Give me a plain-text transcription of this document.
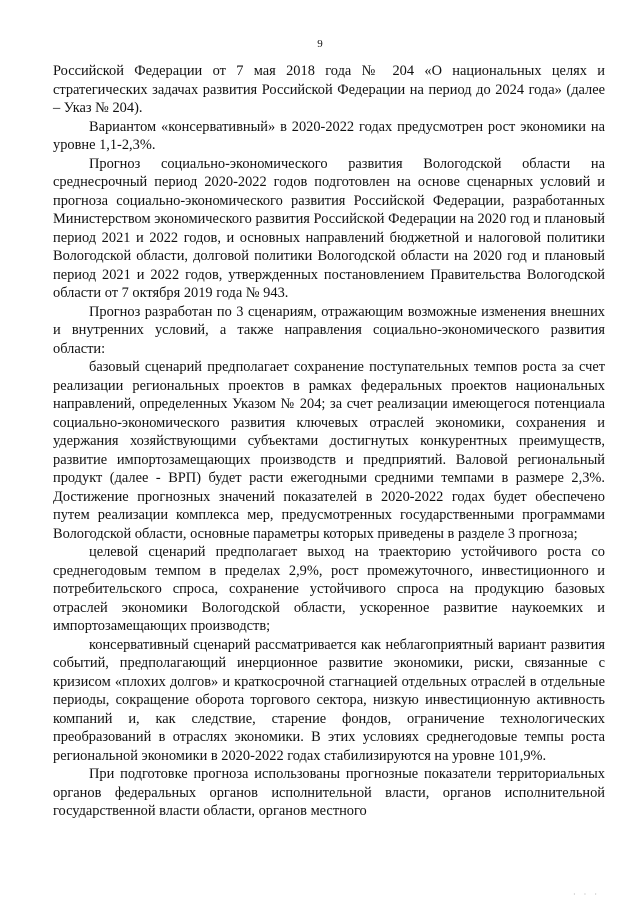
9

Российской Федерации от 7 мая 2018 года № 204 «О национальных целях и стратегических задачах развития Российской Федерации на период до 2024 года» (далее – Указ № 204).

Вариантом «консервативный» в 2020-2022 годах предусмотрен рост экономики на уровне 1,1-2,3%.

Прогноз социально-экономического развития Вологодской области на среднесрочный период 2020-2022 годов подготовлен на основе сценарных условий и прогноза социально-экономического развития Российской Федерации, разработанных Министерством экономического развития Российской Федерации на 2020 год и плановый период 2021 и 2022 годов, и основных направлений бюджетной и налоговой политики Вологодской области, долговой политики Вологодской области на 2020 год и плановый период 2021 и 2022 годов, утвержденных постановлением Правительства Вологодской области от 7 октября 2019 года № 943.

Прогноз разработан по 3 сценариям, отражающим возможные изменения внешних и внутренних условий, а также направления социально-экономического развития области:

базовый сценарий предполагает сохранение поступательных темпов роста за счет реализации региональных проектов в рамках федеральных проектов национальных направлений, определенных Указом № 204; за счет реализации имеющегося потенциала социально-экономического развития ключевых отраслей экономики, сохранения и удержания хозяйствующими субъектами достигнутых конкурентных преимуществ, развитие импортозамещающих производств и предприятий. Валовой региональный продукт (далее - ВРП) будет расти ежегодными средними темпами в размере 2,3%. Достижение прогнозных значений показателей в 2020-2022 годах будет обеспечено путем реализации комплекса мер, предусмотренных государственными программами Вологодской области, основные параметры которых приведены в разделе 3 прогноза;

целевой сценарий предполагает выход на траекторию устойчивого роста со среднегодовым темпом в пределах 2,9%, рост промежуточного, инвестиционного и потребительского спроса, сохранение устойчивого спроса на продукцию базовых отраслей экономики Вологодской области, ускоренное развитие наукоемких и импортозамещающих производств;

консервативный сценарий рассматривается как неблагоприятный вариант развития событий, предполагающий инерционное развитие экономики, риски, связанные с кризисом «плохих долгов» и краткосрочной стагнацией отдельных отраслей в отдельные периоды, сокращение оборота торгового сектора, низкую инвестиционную активность компаний и, как следствие, старение фондов, ограничение технологических преобразований в отраслях экономики. В этих условиях среднегодовые темпы роста региональной экономики в 2020-2022 годах стабилизируются на уровне 101,9%.

При подготовке прогноза использованы прогнозные показатели территориальных органов федеральных органов исполнительной власти, органов исполнительной государственной власти области, органов местного

· · ·
